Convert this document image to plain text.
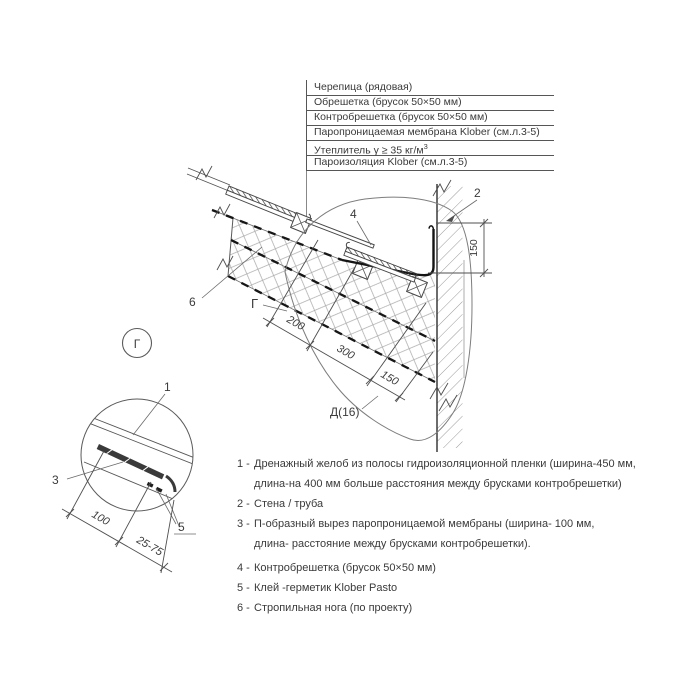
150
200
300
150
2
4
6	Г
Д(16)
Г
1
3
5
100
25-75
Черепица (рядовая)
Обрешетка (брусок 50×50 мм)
Контробрешетка (брусок 50×50 мм)
Паропроницаемая мембрана Klober (см.л.3-5)
Утеплитель γ ≥ 35 $кг/м^3$
Пароизоляция Klober (см.л.3-5)
1 - Дренажный желоб из полосы гидроизоляционной пленки (ширина-450 мм,
длина-на 400 мм больше расстояния между брусками контробрешетки)
2 - Стена / труба
3 - П-образный вырез паропроницаемой мембраны (ширина- 100 мм,
длина- расстояние между брусками контробрешетки).
4 - Контробрешетка (брусок 50×50 мм)
5 - Клей -герметик Klober Pasto
6 - Стропильная нога (по проекту)
